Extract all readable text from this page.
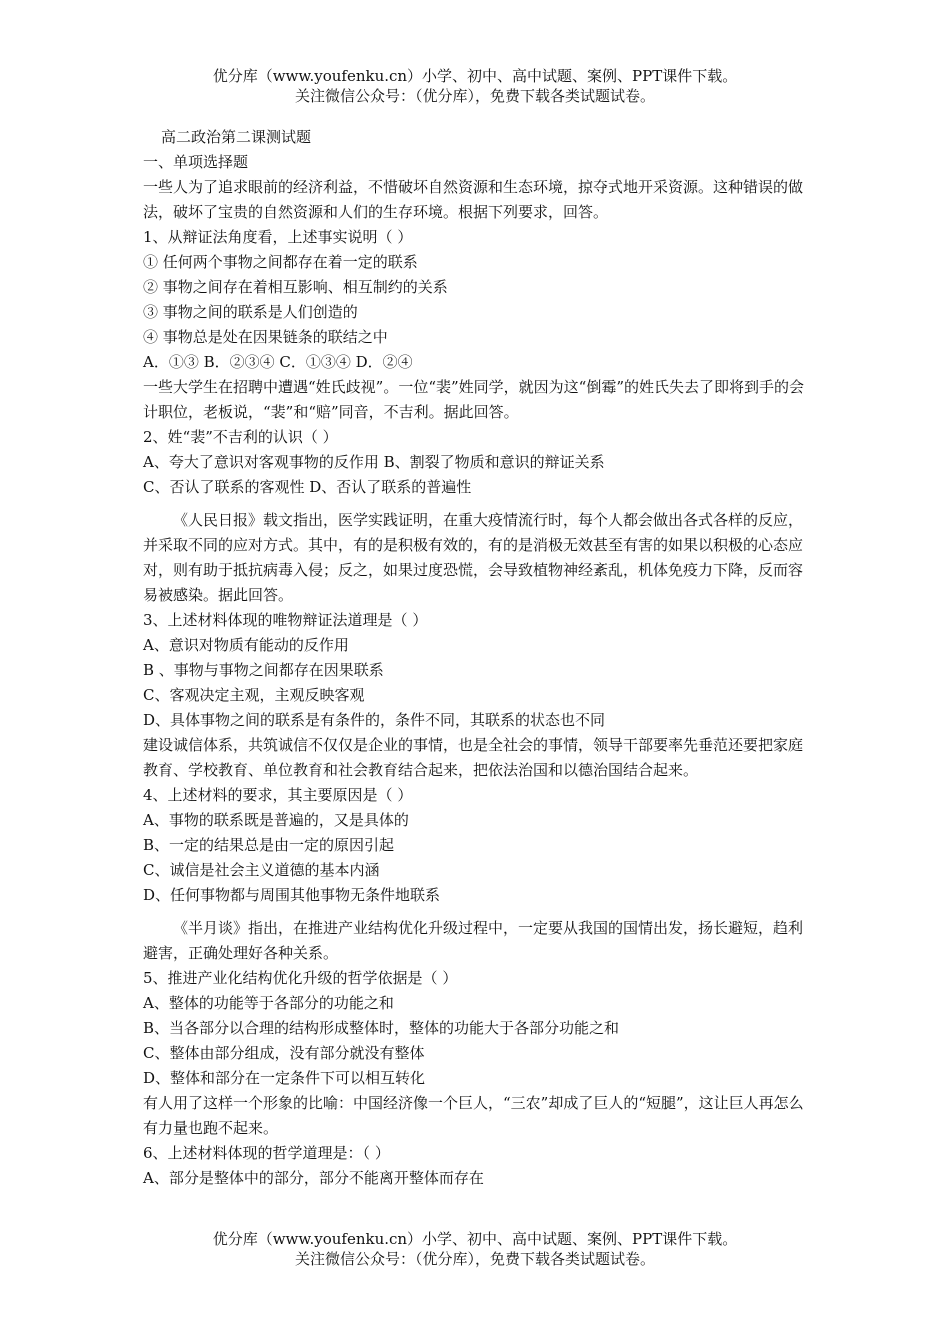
优分库（www.youfenku.cn）小学、初中、高中试题、案例、PPT课件下载。
关注微信公众号：（优分库），免费下载各类试题试卷。

高二政治第二课测试题

一、单项选择题

一些人为了追求眼前的经济利益，不惜破坏自然资源和生态环境，掠夺式地开采资源。这种错误的做法，破坏了宝贵的自然资源和人们的生存环境。根据下列要求，回答。

1、从辩证法角度看，上述事实说明（ ）

① 任何两个事物之间都存在着一定的联系

② 事物之间存在着相互影响、相互制约的关系

③ 事物之间的联系是人们创造的

④ 事物总是处在因果链条的联结之中

A．①③ B．②③④ C．①③④ D．②④

一些大学生在招聘中遭遇“姓氏歧视”。一位“裴”姓同学，就因为这“倒霉”的姓氏失去了即将到手的会计职位，老板说，“裴”和“赔”同音，不吉利。据此回答。

2、姓“裴”不吉利的认识（ ）

A、夸大了意识对客观事物的反作用 B、割裂了物质和意识的辩证关系

C、否认了联系的客观性 D、否认了联系的普遍性

《人民日报》载文指出，医学实践证明，在重大疫情流行时，每个人都会做出各式各样的反应，并采取不同的应对方式。其中，有的是积极有效的，有的是消极无效甚至有害的如果以积极的心态应对，则有助于抵抗病毒入侵；反之，如果过度恐慌，会导致植物神经紊乱，机体免疫力下降，反而容易被感染。据此回答。

3、上述材料体现的唯物辩证法道理是（ ）

A、意识对物质有能动的反作用

B 、事物与事物之间都存在因果联系

C、客观决定主观，主观反映客观

D、具体事物之间的联系是有条件的，条件不同，其联系的状态也不同

建设诚信体系，共筑诚信不仅仅是企业的事情，也是全社会的事情，领导干部要率先垂范还要把家庭教育、学校教育、单位教育和社会教育结合起来，把依法治国和以德治国结合起来。

4、上述材料的要求，其主要原因是（ ）

A、事物的联系既是普遍的，又是具体的

B、一定的结果总是由一定的原因引起

C、诚信是社会主义道德的基本内涵

D、任何事物都与周围其他事物无条件地联系

《半月谈》指出，在推进产业结构优化升级过程中，一定要从我国的国情出发，扬长避短，趋利避害，正确处理好各种关系。

5、推进产业化结构优化升级的哲学依据是（ ）

A、整体的功能等于各部分的功能之和

B、当各部分以合理的结构形成整体时，整体的功能大于各部分功能之和

C、整体由部分组成，没有部分就没有整体

D、整体和部分在一定条件下可以相互转化

有人用了这样一个形象的比喻：中国经济像一个巨人，“三农”却成了巨人的“短腿”，这让巨人再怎么有力量也跑不起来。

6、上述材料体现的哲学道理是：（ ）

A、部分是整体中的部分，部分不能离开整体而存在

优分库（www.youfenku.cn）小学、初中、高中试题、案例、PPT课件下载。
关注微信公众号：（优分库），免费下载各类试题试卷。
